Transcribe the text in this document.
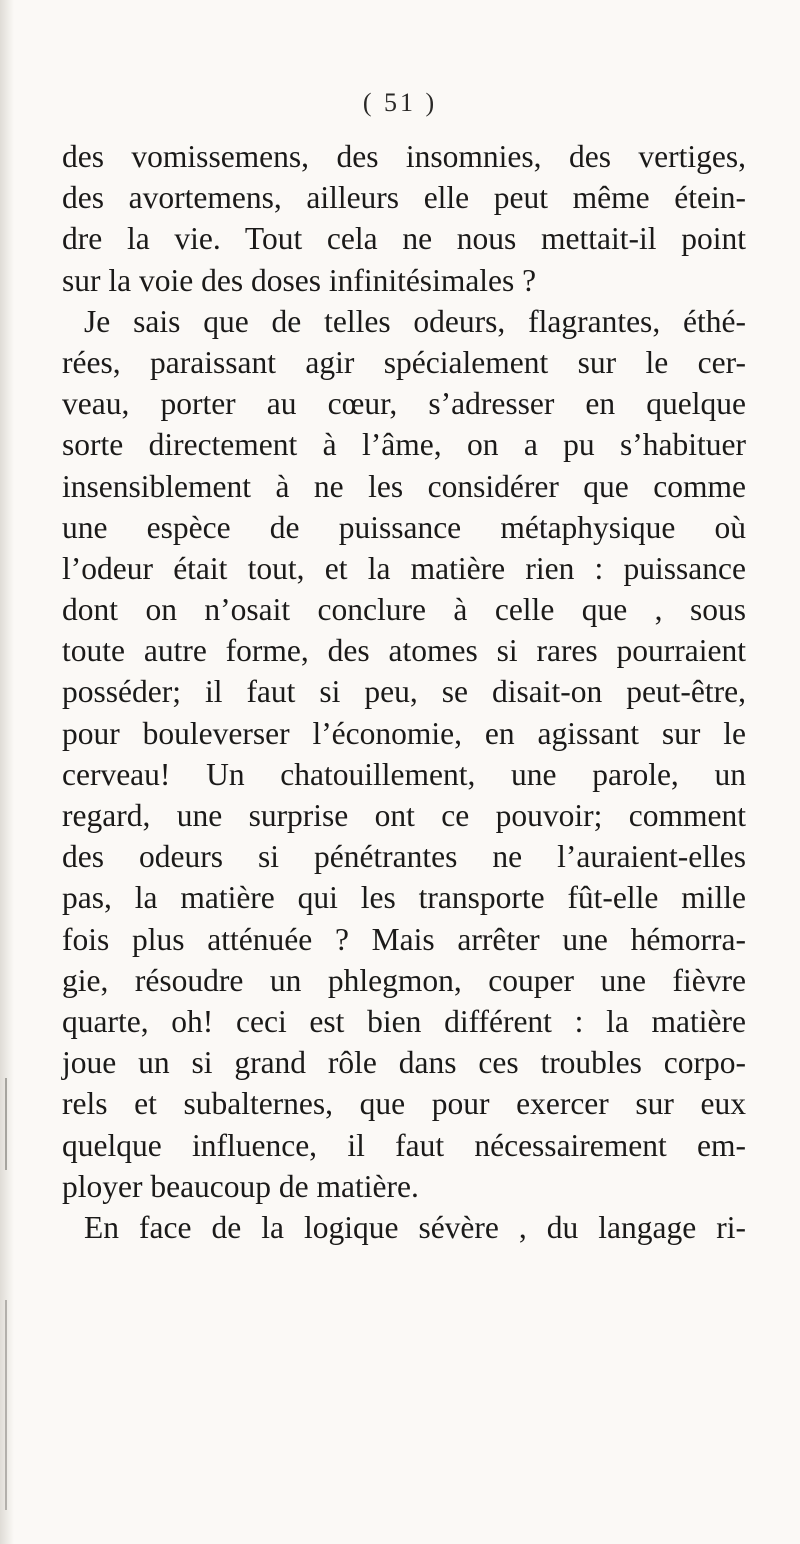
( 51 )
des vomissemens, des insomnies, des vertiges,
des avortemens, ailleurs elle peut même étein-
dre la vie. Tout cela ne nous mettait-il point
sur la voie des doses infinitésimales ?
Je sais que de telles odeurs, flagrantes, éthé-
rées, paraissant agir spécialement sur le cer-
veau, porter au cœur, s’adresser en quelque
sorte directement à l’âme, on a pu s’habituer
insensiblement à ne les considérer que comme
une espèce de puissance métaphysique où
l’odeur était tout, et la matière rien : puissance
dont on n’osait conclure à celle que , sous
toute autre forme, des atomes si rares pourraient
posséder; il faut si peu, se disait-on peut-être,
pour bouleverser l’économie, en agissant sur le
cerveau! Un chatouillement, une parole, un
regard, une surprise ont ce pouvoir; comment
des odeurs si pénétrantes ne l’auraient-elles
pas, la matière qui les transporte fût-elle mille
fois plus atténuée ? Mais arrêter une hémorra-
gie, résoudre un phlegmon, couper une fièvre
quarte, oh! ceci est bien différent : la matière
joue un si grand rôle dans ces troubles corpo-
rels et subalternes, que pour exercer sur eux
quelque influence, il faut nécessairement em-
ployer beaucoup de matière.
En face de la logique sévère , du langage ri-
